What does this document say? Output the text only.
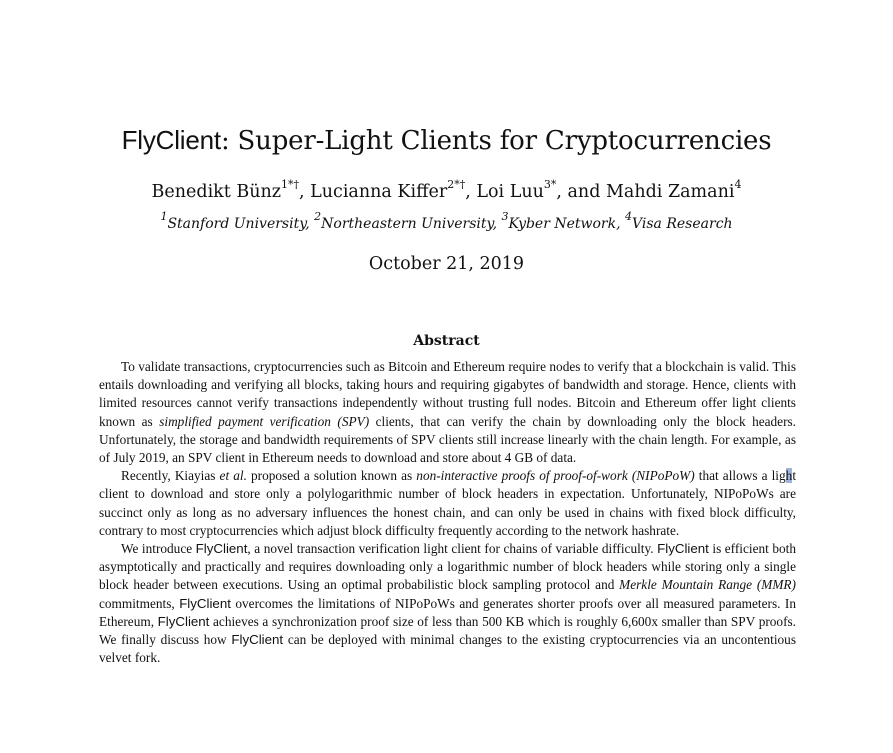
FlyClient: Super-Light Clients for Cryptocurrencies
Benedikt Bünz$^{1*\dagger}$, Lucianna Kiffer$^{2*\dagger}$, Loi Luu$^{3*}$, and Mahdi Zamani$^4$
$^1$Stanford University, $^2$Northeastern University, $^3$Kyber Network, $^4$Visa Research
October 21, 2019
Abstract

To validate transactions, cryptocurrencies such as Bitcoin and Ethereum require nodes to verify that a blockchain is valid. This entails downloading and verifying all blocks, taking hours and requiring gigabytes of bandwidth and storage. Hence, clients with limited resources cannot verify transactions independently without trusting full nodes. Bitcoin and Ethereum offer light clients known as simplified payment verification (SPV) clients, that can verify the chain by downloading only the block headers. Unfortunately, the storage and bandwidth requirements of SPV clients still increase linearly with the chain length. For example, as of July 2019, an SPV client in Ethereum needs to download and store about 4 GB of data.

Recently, Kiayias et al. proposed a solution known as non-interactive proofs of proof-of-work (NIPoPoW) that allows a light client to download and store only a polylogarithmic number of block headers in expectation. Unfortunately, NIPoPoWs are succinct only as long as no adversary influences the honest chain, and can only be used in chains with fixed block difficulty, contrary to most cryptocurrencies which adjust block difficulty frequently according to the network hashrate.

We introduce FlyClient, a novel transaction verification light client for chains of variable difficulty. FlyClient is efficient both asymptotically and practically and requires downloading only a logarithmic number of block headers while storing only a single block header between executions. Using an optimal probabilistic block sampling protocol and Merkle Mountain Range (MMR) commitments, FlyClient overcomes the limitations of NIPoPoWs and generates shorter proofs over all measured parameters. In Ethereum, FlyClient achieves a synchronization proof size of less than 500 KB which is roughly 6,600x smaller than SPV proofs. We finally discuss how FlyClient can be deployed with minimal changes to the existing cryptocurrencies via an uncontentious velvet fork.
